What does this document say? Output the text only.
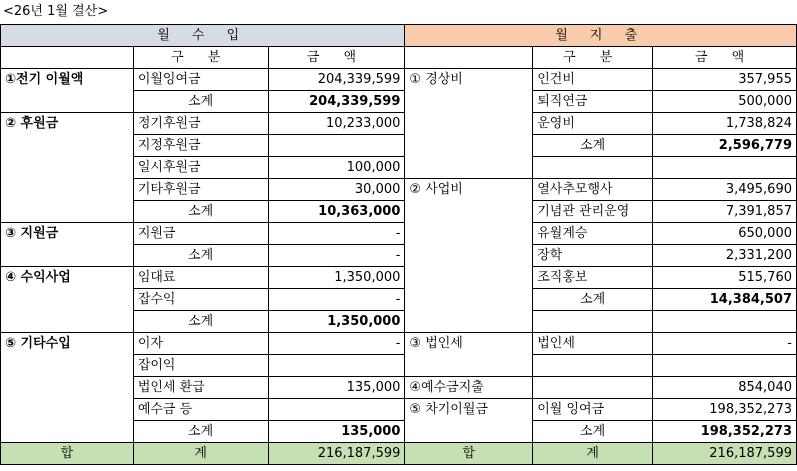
<26년 1월 결산>
월 수 입			월 지 출		
	구 분	금 액		구 분	금 액
①전기 이월액	이월잉여금	204,339,599	① 경상비	인건비	357,955
	소계	204,339,599		퇴직연금	500,000
② 후원금	정기후원금	10,233,000		운영비	1,738,824
	지정후원금			소계	2,596,779
	일시후원금	100,000			
	기타후원금	30,000	② 사업비	열사추모행사	3,495,690
	소계	10,363,000		기념관 관리운영	7,391,857
③ 지원금	지원금	-		유월계승	650,000
	소계	-		장학	2,331,200
④ 수익사업	임대료	1,350,000		조직홍보	515,760
	잡수익	-		소계	14,384,507
	소계	1,350,000			
⑤ 기타수입	이자	-	③ 법인세	법인세	-
	잡이익				
	법인세 환급	135,000	④예수금지출		854,040
	예수금 등		⑤ 차기이월금	이월 잉여금	198,352,273
	소계	135,000		소계	198,352,273
합	계	216,187,599	합	계	216,187,599
